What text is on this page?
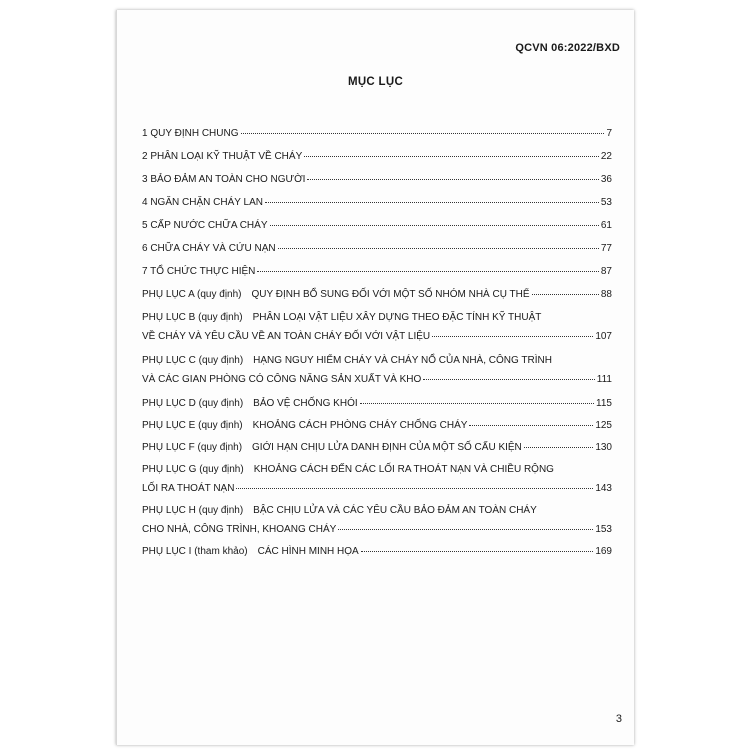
QCVN 06:2022/BXD
MỤC LỤC
1 QUY ĐỊNH CHUNG	7
2 PHÂN LOẠI KỸ THUẬT VỀ CHÁY	22
3 BẢO ĐẢM AN TOÀN CHO NGƯỜI	36
4 NGĂN CHẶN CHÁY LAN	53
5 CẤP NƯỚC CHỮA CHÁY	61
6 CHỮA CHÁY VÀ CỨU NẠN	77
7 TỔ CHỨC THỰC HIỆN	87
PHỤ LỤC A (quy định) QUY ĐỊNH BỔ SUNG ĐỐI VỚI MỘT SỐ NHÓM NHÀ CỤ THỂ	88
PHỤ LỤC B (quy định) PHÂN LOẠI VẬT LIỆU XÂY DỰNG THEO ĐẶC TÍNH KỸ THUẬT
VỀ CHÁY VÀ YÊU CẦU VỀ AN TOÀN CHÁY ĐỐI VỚI VẬT LIỆU	107
PHỤ LỤC C (quy định) HẠNG NGUY HIỂM CHÁY VÀ CHÁY NỔ CỦA NHÀ, CÔNG TRÌNH
VÀ CÁC GIAN PHÒNG CÓ CÔNG NĂNG SẢN XUẤT VÀ KHO	111
PHỤ LỤC D (quy định) BẢO VỆ CHỐNG KHÓI	115
PHỤ LỤC E (quy định) KHOẢNG CÁCH PHÒNG CHÁY CHỐNG CHÁY	125
PHỤ LỤC F (quy định) GIỚI HẠN CHỊU LỬA DANH ĐỊNH CỦA MỘT SỐ CẤU KIỆN	130
PHỤ LỤC G (quy định) KHOẢNG CÁCH ĐẾN CÁC LỐI RA THOÁT NẠN VÀ CHIỀU RỘNG
LỐI RA THOÁT NẠN	143
PHỤ LỤC H (quy định) BẬC CHỊU LỬA VÀ CÁC YÊU CẦU BẢO ĐẢM AN TOÀN CHÁY
CHO NHÀ, CÔNG TRÌNH, KHOANG CHÁY	153
PHỤ LỤC I (tham khảo) CÁC HÌNH MINH HỌA	169
3
